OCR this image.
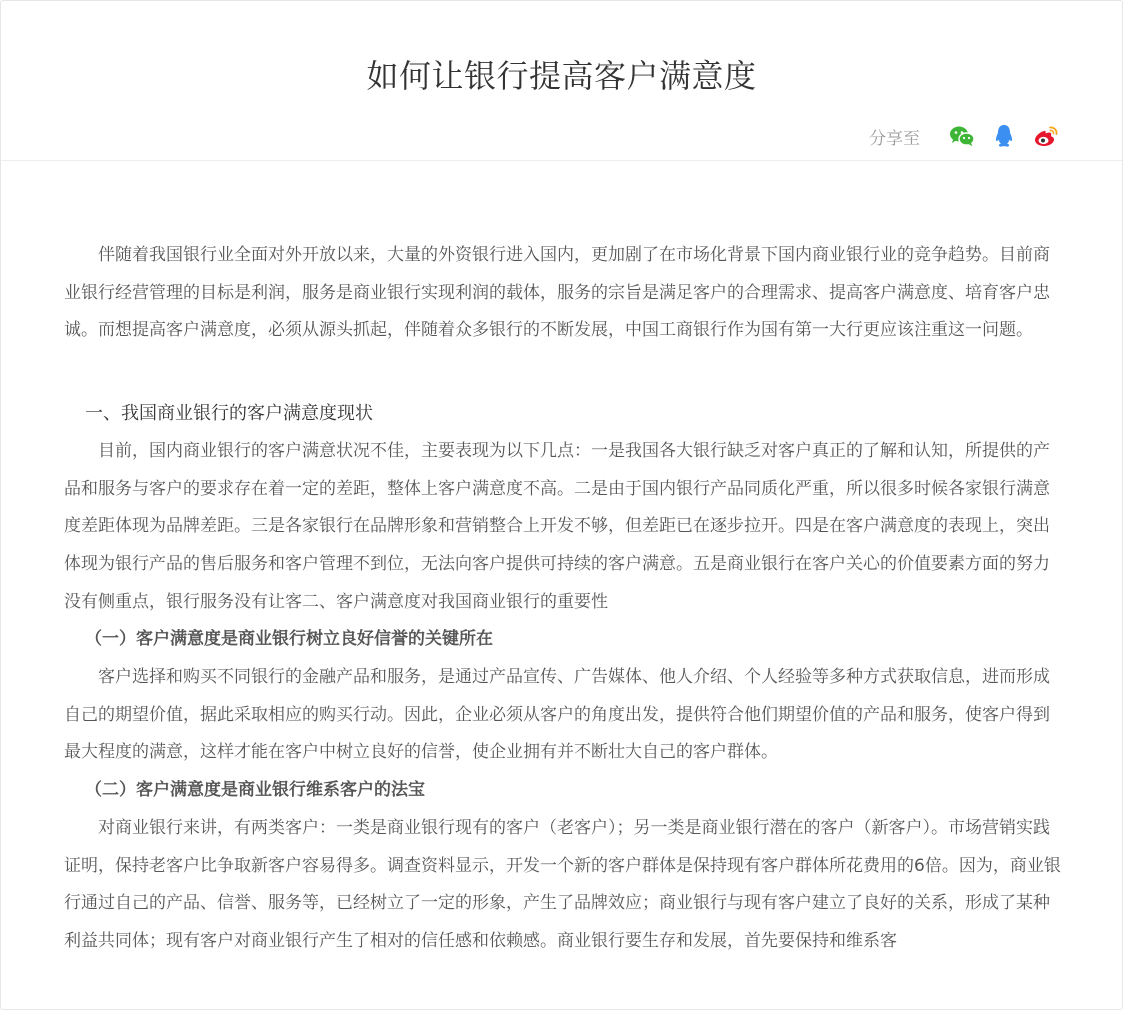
如何让银行提高客户满意度
分享至

伴随着我国银行业全面对外开放以来，大量的外资银行进入国内，更加剧了在市场化背景下国内商业银行业的竞争趋势。目前商业银行经营管理的目标是利润，服务是商业银行实现利润的载体，服务的宗旨是满足客户的合理需求、提高客户满意度、培育客户忠诚。而想提高客户满意度，必须从源头抓起，伴随着众多银行的不断发展，中国工商银行作为国有第一大行更应该注重这一问题。

一、我国商业银行的客户满意度现状

目前，国内商业银行的客户满意状况不佳，主要表现为以下几点：一是我国各大银行缺乏对客户真正的了解和认知，所提供的产品和服务与客户的要求存在着一定的差距，整体上客户满意度不高。二是由于国内银行产品同质化严重，所以很多时候各家银行满意度差距体现为品牌差距。三是各家银行在品牌形象和营销整合上开发不够，但差距已在逐步拉开。四是在客户满意度的表现上，突出体现为银行产品的售后服务和客户管理不到位，无法向客户提供可持续的客户满意。五是商业银行在客户关心的价值要素方面的努力没有侧重点，银行服务没有让客二、客户满意度对我国商业银行的重要性

（一）客户满意度是商业银行树立良好信誉的关键所在

客户选择和购买不同银行的金融产品和服务，是通过产品宣传、广告媒体、他人介绍、个人经验等多种方式获取信息，进而形成自己的期望价值，据此采取相应的购买行动。因此，企业必须从客户的角度出发，提供符合他们期望价值的产品和服务，使客户得到最大程度的满意，这样才能在客户中树立良好的信誉，使企业拥有并不断壮大自己的客户群体。

（二）客户满意度是商业银行维系客户的法宝

对商业银行来讲，有两类客户：一类是商业银行现有的客户（老客户）；另一类是商业银行潜在的客户（新客户）。市场营销实践证明，保持老客户比争取新客户容易得多。调查资料显示，开发一个新的客户群体是保持现有客户群体所花费用的6倍。因为，商业银行通过自己的产品、信誉、服务等，已经树立了一定的形象，产生了品牌效应；商业银行与现有客户建立了良好的关系，形成了某种利益共同体；现有客户对商业银行产生了相对的信任感和依赖感。商业银行要生存和发展，首先要保持和维系客
